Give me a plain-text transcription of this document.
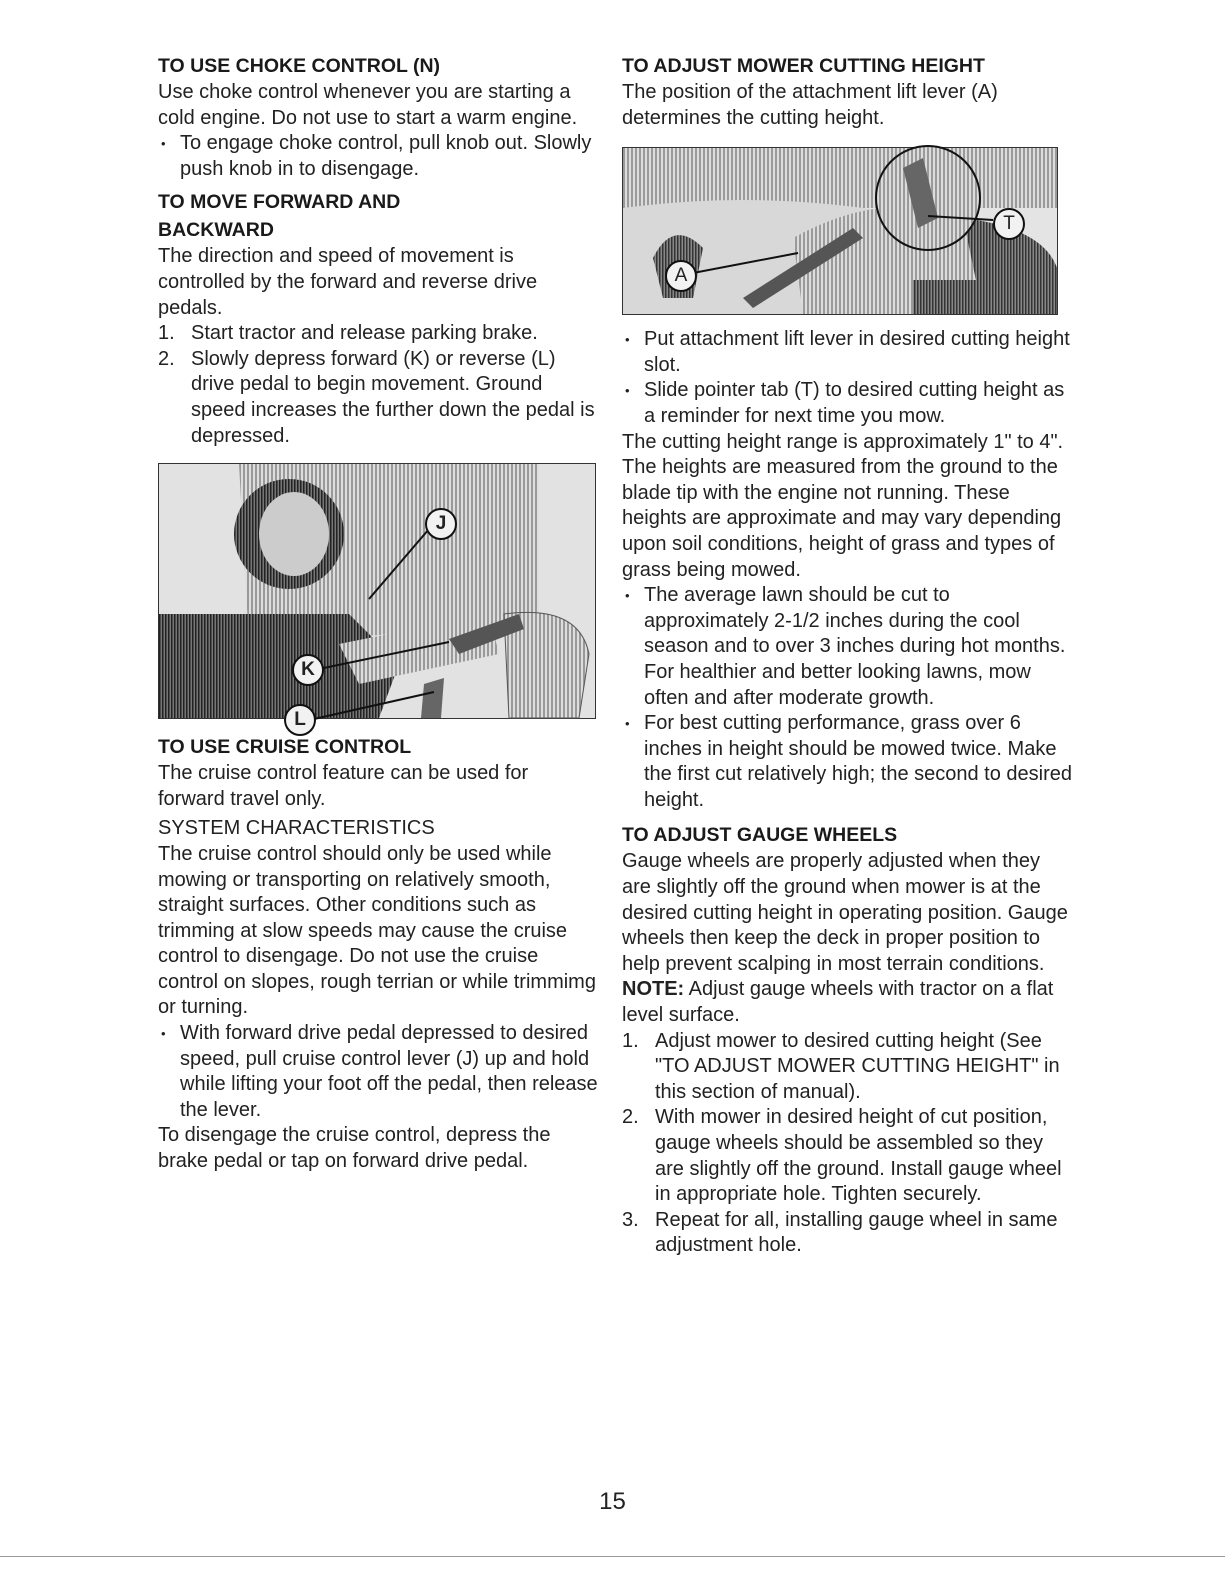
TO USE CHOKE CONTROL (N)

Use choke control whenever you are starting a cold engine. Do not use to start a warm engine.

• To engage choke control, pull knob out. Slowly push knob in to disengage.
TO MOVE FORWARD AND
BACKWARD

The direction and speed of movement is controlled by the forward and reverse drive pedals.

1. Start tractor and release parking brake.
2. Slowly depress forward (K) or reverse (L) drive pedal to begin movement. Ground speed increases the further down the pedal is depressed.
J
K
L
TO USE CRUISE CONTROL

The cruise control feature can be used for forward travel only.

SYSTEM CHARACTERISTICS

The cruise control should only be used while mowing or transporting on relatively smooth, straight surfaces. Other conditions such as trimming at slow speeds may cause the cruise control to disengage. Do not use the cruise control on slopes, rough terrian or while trimmimg or turning.

• With forward drive pedal depressed to desired speed, pull cruise control lever (J) up and hold while lifting your foot off the pedal, then release the lever.

To disengage the cruise control, depress the brake pedal or tap on forward drive pedal.

TO ADJUST MOWER CUTTING HEIGHT

The position of the attachment lift lever (A) determines the cutting height.

T
A
• Put attachment lift lever in desired cutting height slot.
• Slide pointer tab (T) to desired cutting height as a reminder for next time you mow.

The cutting height range is approximately 1" to 4". The heights are measured from the ground to the blade tip with the engine not running. These heights are approximate and may vary depending upon soil conditions, height of grass and types of grass being mowed.

• The average lawn should be cut to approximately 2-1/2 inches during the cool season and to over 3 inches during hot months. For healthier and better looking lawns, mow often and after moderate growth.
• For best cutting performance, grass over 6 inches in height should be mowed twice. Make the first cut relatively high; the second to desired height.
TO ADJUST GAUGE WHEELS

Gauge wheels are properly adjusted when they are slightly off the ground when mower is at the desired cutting height in operating position. Gauge wheels then keep the deck in proper position to help prevent scalping in most terrain conditions.

NOTE: Adjust gauge wheels with tractor on a flat level surface.

1. Adjust mower to desired cutting height (See "TO ADJUST MOWER CUTTING HEIGHT" in this section of manual).
2. With mower in desired height of cut position, gauge wheels should be assembled so they are slightly off the ground. Install gauge wheel in appropriate hole. Tighten securely.
3. Repeat for all, installing gauge wheel in same adjustment hole.
15
